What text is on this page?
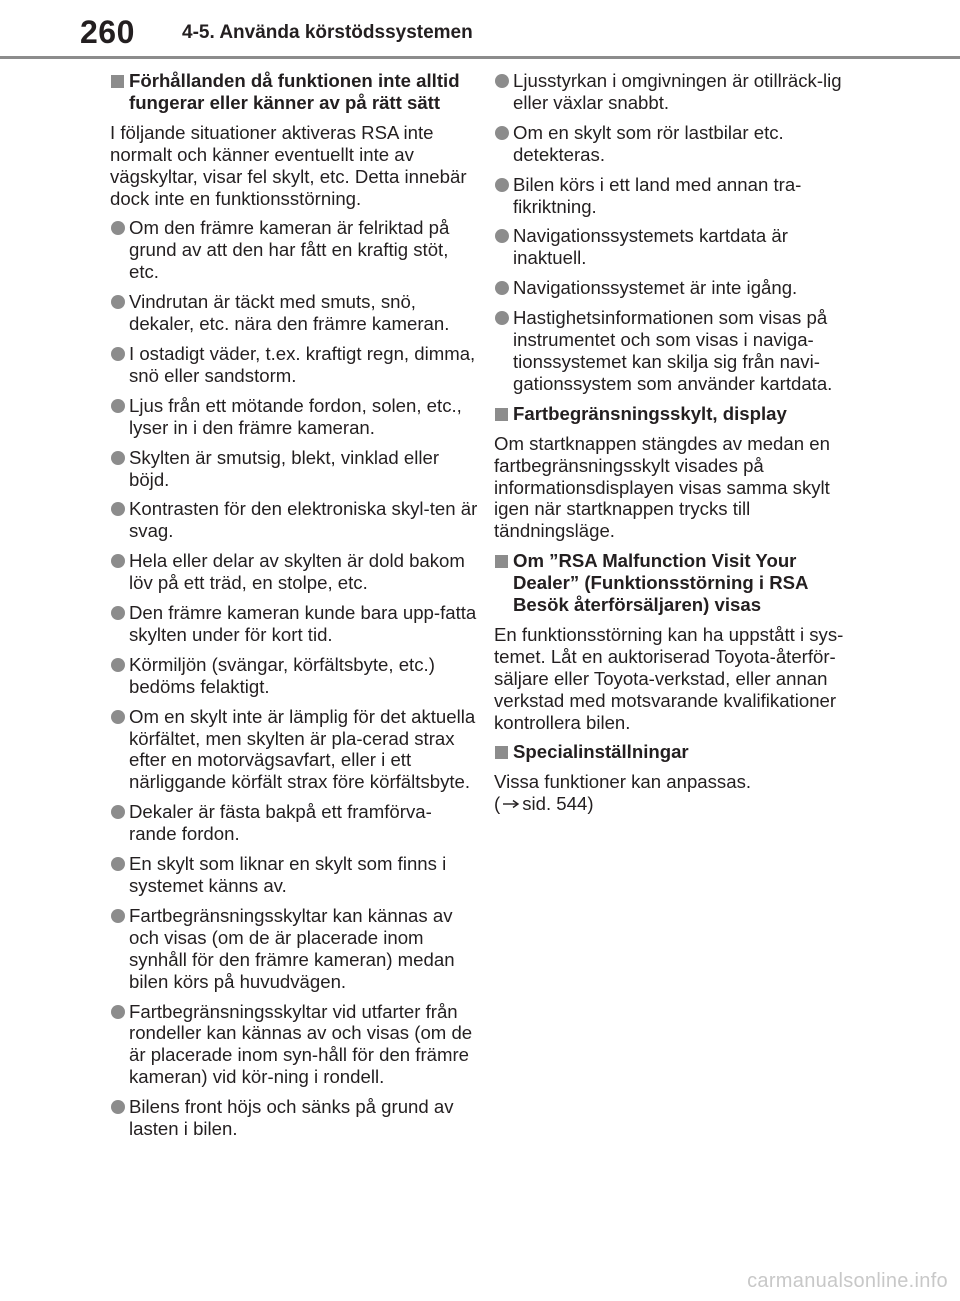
260 4-5. Använda körstödssystemen
Förhållanden då funktionen inte alltid fungerar eller känner av på rätt sätt

I följande situationer aktiveras RSA inte normalt och känner eventuellt inte av vägskyltar, visar fel skylt, etc. Detta innebär dock inte en funktionsstörning.

Om den främre kameran är felriktad på grund av att den har fått en kraftig stöt, etc.
Vindrutan är täckt med smuts, snö, dekaler, etc. nära den främre kameran.
I ostadigt väder, t.ex. kraftigt regn, dimma, snö eller sandstorm.
Ljus från ett mötande fordon, solen, etc., lyser in i den främre kameran.
Skylten är smutsig, blekt, vinklad eller böjd.
Kontrasten för den elektroniska skyl-ten är svag.
Hela eller delar av skylten är dold bakom löv på ett träd, en stolpe, etc.
Den främre kameran kunde bara upp-fatta skylten under för kort tid.
Körmiljön (svängar, körfältsbyte, etc.) bedöms felaktigt.
Om en skylt inte är lämplig för det aktuella körfältet, men skylten är pla-cerad strax efter en motorvägsavfart, eller i ett närliggande körfält strax före körfältsbyte.
Dekaler är fästa bakpå ett framförva-rande fordon.
En skylt som liknar en skylt som finns i systemet känns av.
Fartbegränsningsskyltar kan kännas av och visas (om de är placerade inom synhåll för den främre kameran) medan bilen körs på huvudvägen.
Fartbegränsningsskyltar vid utfarter från rondeller kan kännas av och visas (om de är placerade inom syn-håll för den främre kameran) vid kör-ning i rondell.
Bilens front höjs och sänks på grund av lasten i bilen.
Ljusstyrkan i omgivningen är otillräck-lig eller växlar snabbt.
Om en skylt som rör lastbilar etc. detekteras.
Bilen körs i ett land med annan tra-fikriktning.
Navigationssystemets kartdata är inaktuell.
Navigationssystemet är inte igång.
Hastighetsinformationen som visas på instrumentet och som visas i naviga-tionssystemet kan skilja sig från navi-gationssystem som använder kartdata.
Fartbegränsningsskylt, display

Om startknappen stängdes av medan en fartbegränsningsskylt visades på informationsdisplayen visas samma skylt igen när startknappen trycks till tändningsläge.

Om ”RSA Malfunction Visit Your Dealer” (Funktionsstörning i RSA Besök återförsäljaren) visas

En funktionsstörning kan ha uppstått i sys-temet. Låt en auktoriserad Toyota-återför-säljare eller Toyota-verkstad, eller annan verkstad med motsvarande kvalifikationer kontrollera bilen.

Specialinställningar
Vissa funktioner kan anpassas.
( sid. 544)
carmanualsonline.info
